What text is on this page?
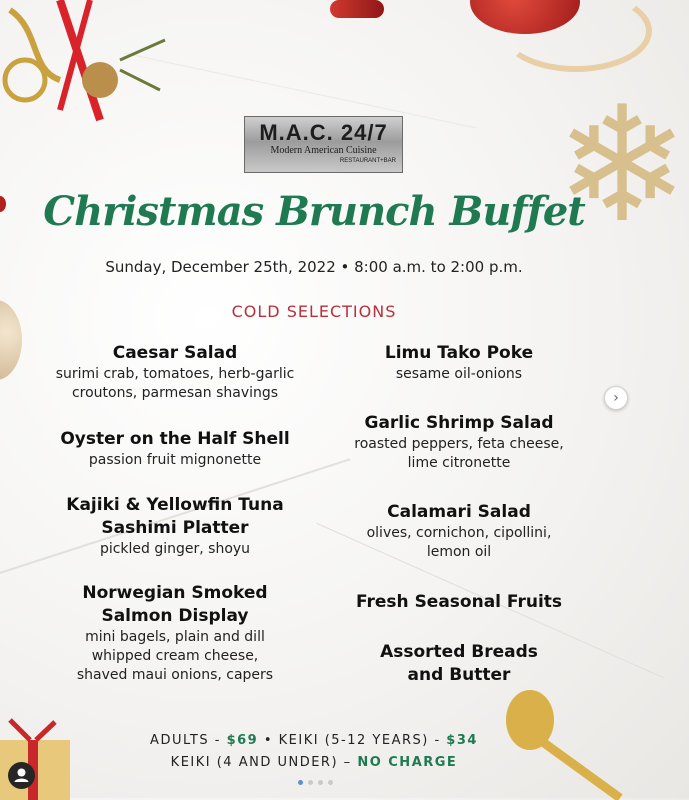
❄
M.A.C. 24/7
Modern American Cuisine
RESTAURANT+BAR
Christmas Brunch Buffet
Sunday, December 25th, 2022 • 8:00 a.m. to 2:00 p.m.
COLD SELECTIONS
Caesar Salad
surimi crab, tomatoes, herb-garlic
croutons, parmesan shavings
Oyster on the Half Shell
passion fruit mignonette
Kajiki & Yellowfin Tuna
Sashimi Platter
pickled ginger, shoyu
Norwegian Smoked
Salmon Display
mini bagels, plain and dill
whipped cream cheese,
shaved maui onions, capers
Limu Tako Poke
sesame oil-onions
Garlic Shrimp Salad
roasted peppers, feta cheese,
lime citronette
Calamari Salad
olives, cornichon, cipollini,
lemon oil
Fresh Seasonal Fruits
Assorted Breads
and Butter
ADULTS - $69 • KEIKI (5-12 YEARS) - $34
KEIKI (4 AND UNDER) – NO CHARGE
›
